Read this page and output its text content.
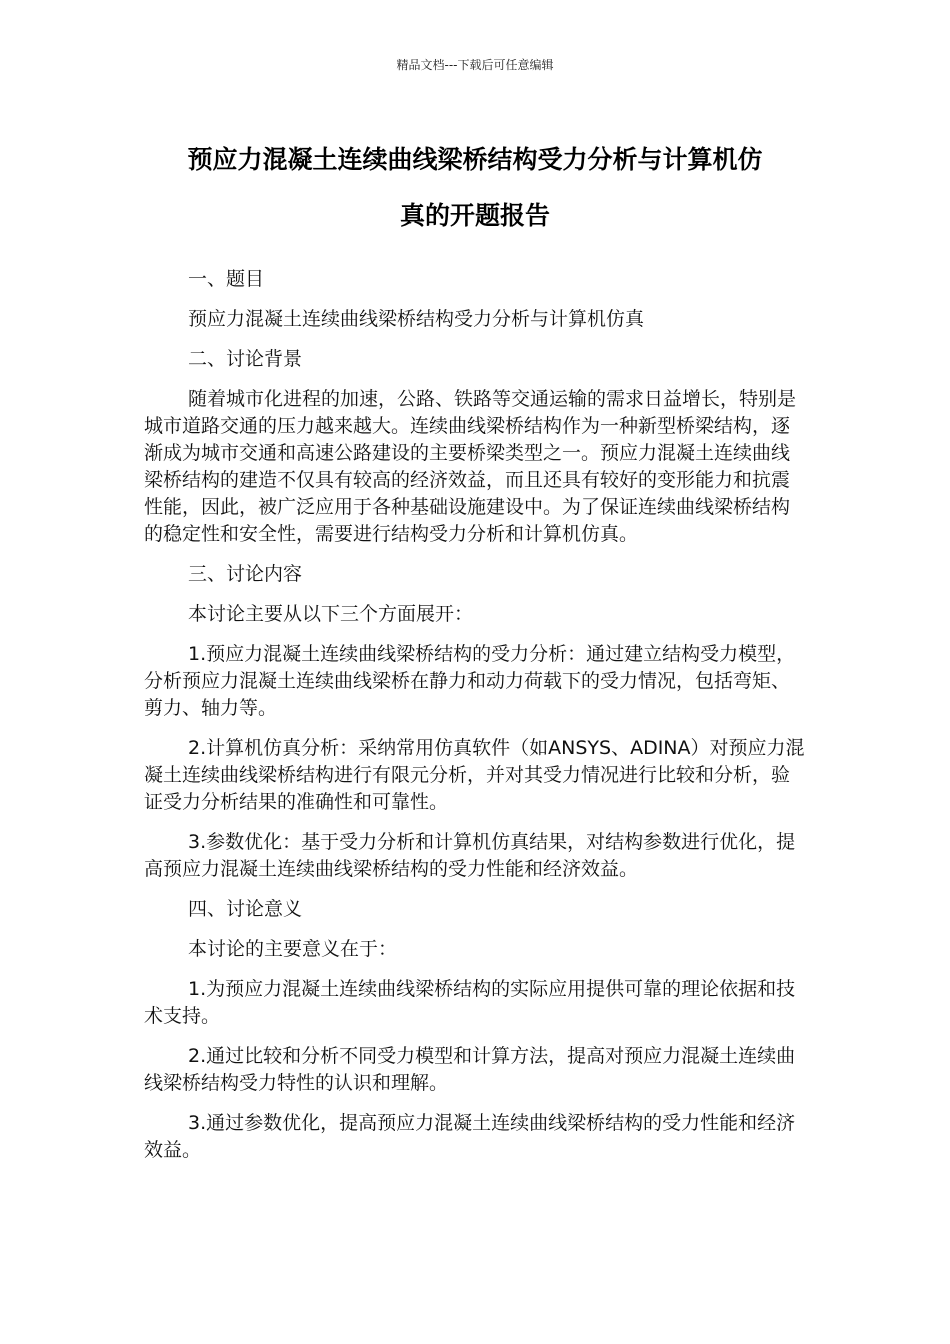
精品文档---下载后可任意编辑
预应力混凝土连续曲线梁桥结构受力分析与计算机仿
真的开题报告

一、题目

预应力混凝土连续曲线梁桥结构受力分析与计算机仿真

二、讨论背景

随着城市化进程的加速，公路、铁路等交通运输的需求日益增长，特别是城市道路交通的压力越来越大。连续曲线梁桥结构作为一种新型桥梁结构，逐渐成为城市交通和高速公路建设的主要桥梁类型之一。预应力混凝土连续曲线梁桥结构的建造不仅具有较高的经济效益，而且还具有较好的变形能力和抗震性能，因此，被广泛应用于各种基础设施建设中。为了保证连续曲线梁桥结构的稳定性和安全性，需要进行结构受力分析和计算机仿真。

三、讨论内容

本讨论主要从以下三个方面展开：

1.预应力混凝土连续曲线梁桥结构的受力分析：通过建立结构受力模型，分析预应力混凝土连续曲线梁桥在静力和动力荷载下的受力情况，包括弯矩、剪力、轴力等。

2.计算机仿真分析：采纳常用仿真软件（如ANSYS、ADINA）对预应力混凝土连续曲线梁桥结构进行有限元分析，并对其受力情况进行比较和分析，验证受力分析结果的准确性和可靠性。

3.参数优化：基于受力分析和计算机仿真结果，对结构参数进行优化，提高预应力混凝土连续曲线梁桥结构的受力性能和经济效益。

四、讨论意义

本讨论的主要意义在于：

1.为预应力混凝土连续曲线梁桥结构的实际应用提供可靠的理论依据和技术支持。

2.通过比较和分析不同受力模型和计算方法，提高对预应力混凝土连续曲线梁桥结构受力特性的认识和理解。

3.通过参数优化，提高预应力混凝土连续曲线梁桥结构的受力性能和经济效益。
